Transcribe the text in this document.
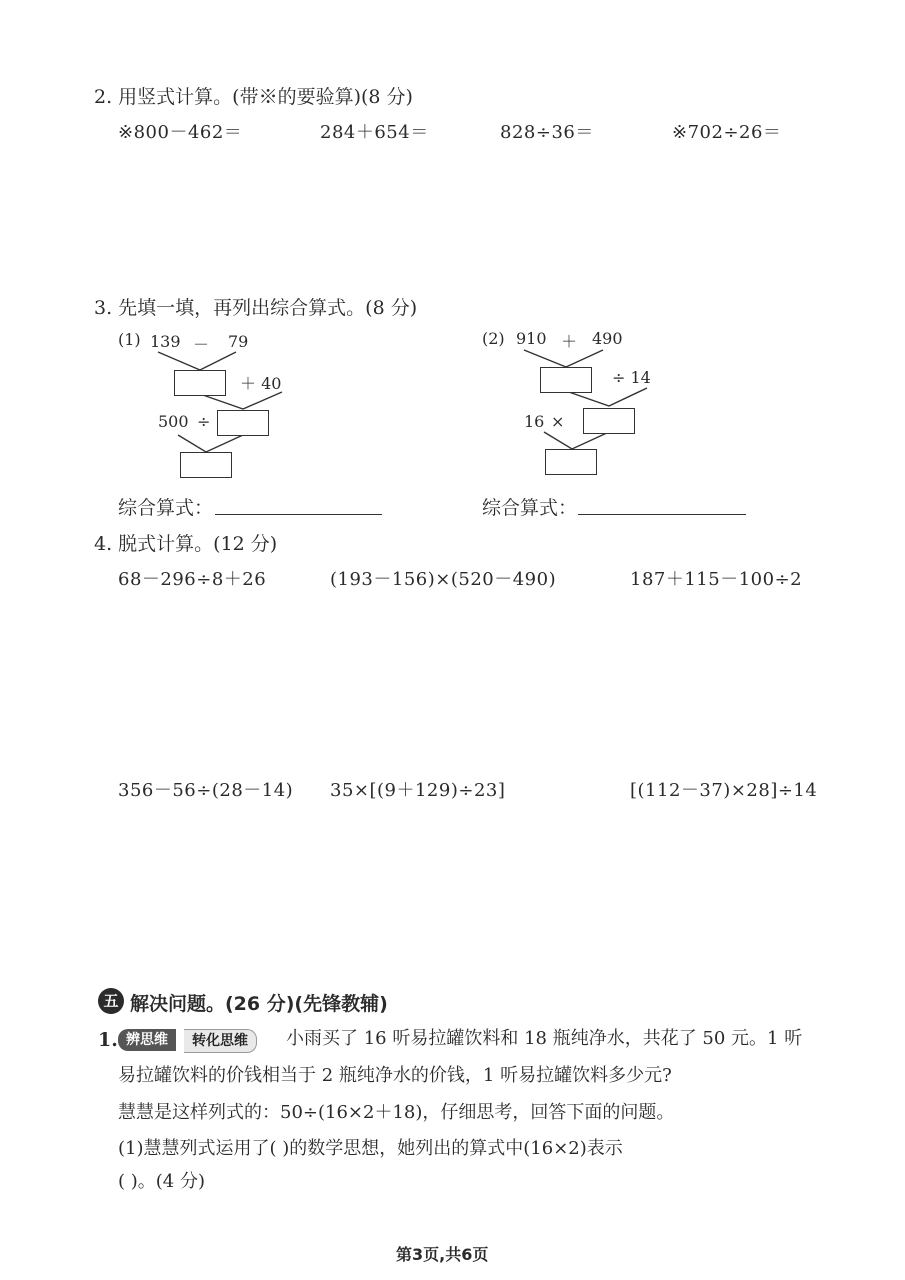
2. 用竖式计算。(带※的要验算)(8 分)
※800－462＝	284＋654＝	828÷36＝	※702÷26＝
3. 先填一填，再列出综合算式。(8 分)
(1) 139 － 79
＋ 40
500 ÷
(2) 910 ＋ 490
÷ 14
16 ×
综合算式：	综合算式：
4. 脱式计算。(12 分)
68－296÷8＋26	(193－156)×(520－490)	187＋115－100÷2
356－56÷(28－14) 35×[(9＋129)÷23]	[(112－37)×28]÷14
五 解决问题。(26 分)(先锋教辅)
1. 辨思维	转化思维	小雨买了 16 听易拉罐饮料和 18 瓶纯净水，共花了 50 元。1 听
易拉罐饮料的价钱相当于 2 瓶纯净水的价钱，1 听易拉罐饮料多少元?
慧慧是这样列式的：50÷(16×2＋18)，仔细思考，回答下面的问题。
(1)慧慧列式运用了( )的数学思想，她列出的算式中(16×2)表示
( )。(4 分)
第3页,共6页
